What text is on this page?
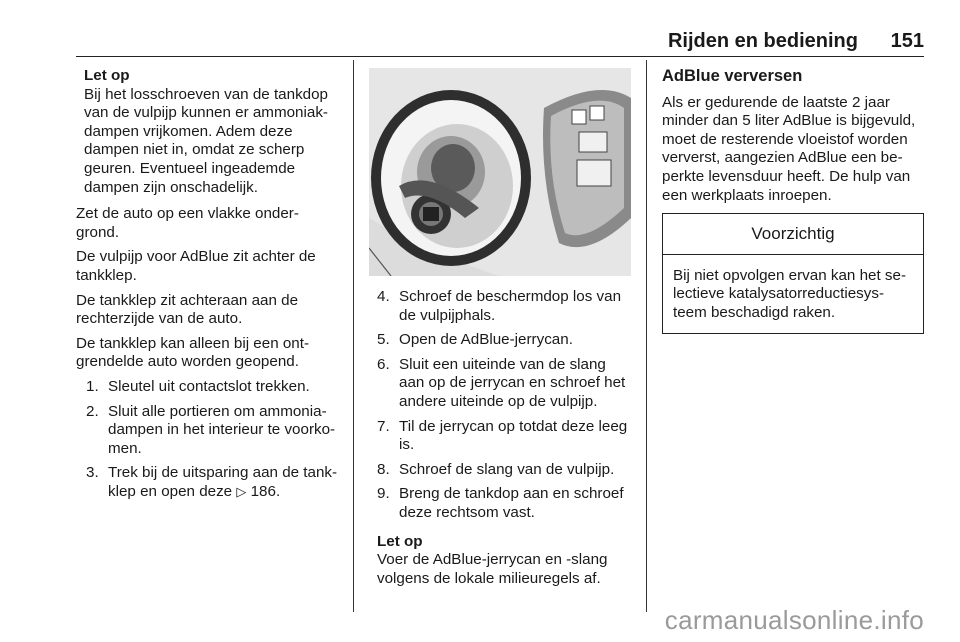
Rijden en bediening 151
Let op
Bij het losschroeven van de tankdop van de vulpijp kunnen er ammoniak- dampen vrijkomen. Adem deze dampen niet in, omdat ze scherp geuren. Eventueel ingeademde dampen zijn onschadelijk.

Zet de auto op een vlakke onder- grond.

De vulpijp voor AdBlue zit achter de tankklep.

De tankklep zit achteraan aan de rechterzijde van de auto.

De tankklep kan alleen bij een ont- grendelde auto worden geopend.

1. Sleutel uit contactslot trekken.
2. Sluit alle portieren om ammonia- dampen in het interieur te voorko- men.
3. Trek bij de uitsparing aan de tank- klep en open deze ▷ 186.
4. Schroef de beschermdop los van de vulpijphals.
5. Open de AdBlue-jerrycan.
6. Sluit een uiteinde van de slang aan op de jerrycan en schroef het andere uiteinde op de vulpijp.
7. Til de jerrycan op totdat deze leeg is.
8. Schroef de slang van de vulpijp.
9. Breng de tankdop aan en schroef deze rechtsom vast.
Let op
Voer de AdBlue-jerrycan en -slang volgens de lokale milieuregels af.
AdBlue verversen

Als er gedurende de laatste 2 jaar minder dan 5 liter AdBlue is bijgevuld, moet de resterende vloeistof worden ververst, aangezien AdBlue een be- perkte levensduur heeft. De hulp van een werkplaats inroepen.

Voorzichtig
Bij niet opvolgen ervan kan het se- lectieve katalysatorreductiesys- teem beschadigd raken.
carmanualsonline.info
